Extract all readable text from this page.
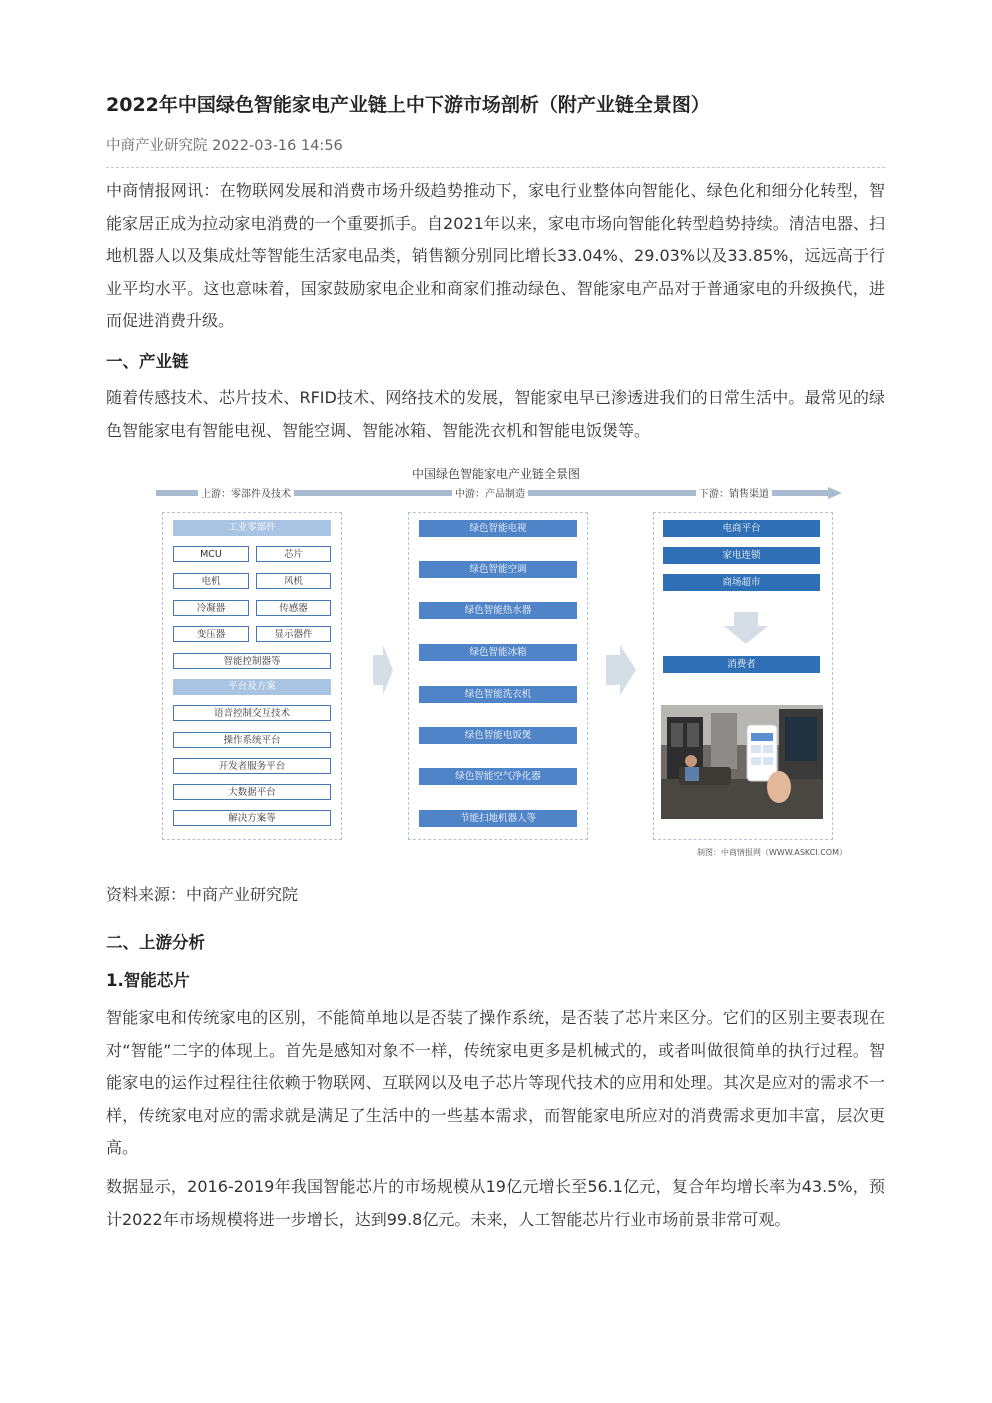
2022年中国绿色智能家电产业链上中下游市场剖析（附产业链全景图）
中商产业研究院 2022-03-16 14:56

中商情报网讯：在物联网发展和消费市场升级趋势推动下，家电行业整体向智能化、绿色化和细分化转型，智能家居正成为拉动家电消费的一个重要抓手。自2021年以来，家电市场向智能化转型趋势持续。清洁电器、扫地机器人以及集成灶等智能生活家电品类，销售额分别同比增长33.04%、29.03%以及33.85%，远远高于行业平均水平。这也意味着，国家鼓励家电企业和商家们推动绿色、智能家电产品对于普通家电的升级换代，进而促进消费升级。

一、产业链

随着传感技术、芯片技术、RFID技术、网络技术的发展，智能家电早已渗透进我们的日常生活中。最常见的绿色智能家电有智能电视、智能空调、智能冰箱、智能洗衣机和智能电饭煲等。

中国绿色智能家电产业链全景图
上游：零部件及技术	中游：产品制造	下游：销售渠道
工业零部件
MCU	芯片
电机	风机
冷凝器	传感器
变压器	显示器件
智能控制器等
平台及方案
语音控制交互技术
操作系统平台
开发者服务平台
大数据平台
解决方案等
绿色智能电视
绿色智能空调
绿色智能热水器
绿色智能冰箱
绿色智能洗衣机
绿色智能电饭煲
绿色智能空气净化器
节能扫地机器人等
电商平台
家电连锁
商场超市
消费者
制图：中商情报网（WWW.ASKCI.COM）

资料来源：中商产业研究院

二、上游分析
1.智能芯片

智能家电和传统家电的区别，不能简单地以是否装了操作系统，是否装了芯片来区分。它们的区别主要表现在对“智能”二字的体现上。首先是感知对象不一样，传统家电更多是机械式的，或者叫做很简单的执行过程。智能家电的运作过程往往依赖于物联网、互联网以及电子芯片等现代技术的应用和处理。其次是应对的需求不一样，传统家电对应的需求就是满足了生活中的一些基本需求，而智能家电所应对的消费需求更加丰富，层次更高。

数据显示，2016-2019年我国智能芯片的市场规模从19亿元增长至56.1亿元，复合年均增长率为43.5%，预计2022年市场规模将进一步增长，达到99.8亿元。未来，人工智能芯片行业市场前景非常可观。
